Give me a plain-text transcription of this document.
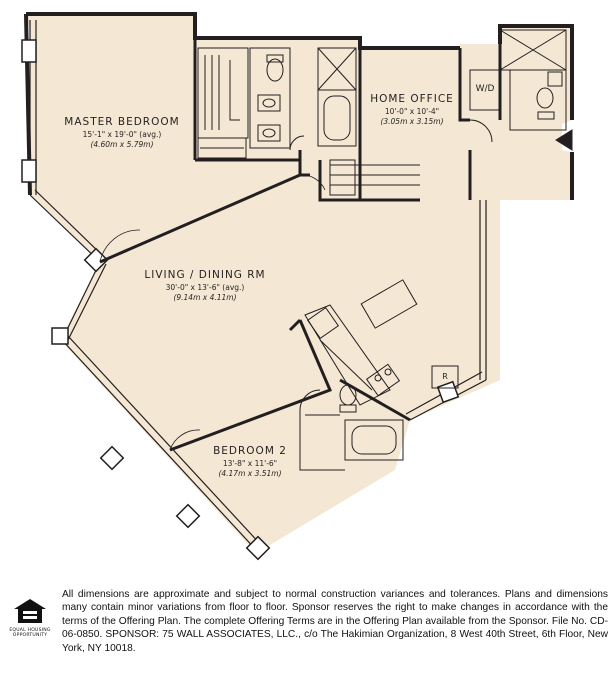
MASTER BEDROOM
15'-1" x 19'-0" (avg.)
(4.60m x 5.79m)
HOME OFFICE
10'-0" x 10'-4"
(3.05m x 3.15m)
LIVING / DINING RM
30'-0" x 13'-6" (avg.)
(9.14m x 4.11m)
BEDROOM 2
13'-8" x 11'-6"
(4.17m x 3.51m)
W/D
R
EQUAL HOUSING
OPPORTUNITY
All dimensions are approximate and subject to normal construction variances and tolerances. Plans and dimensions many contain minor variations from floor to floor. Sponsor reserves the right to make changes in accordance with the terms of the Offering Plan. The complete Offering Terms are in the Offering Plan available from the Sponsor. File No. CD-06-0850. SPONSOR: 75 WALL ASSOCIATES, LLC., c/o The Hakimian Organization, 8 West 40th Street, 6th Floor, New York, NY 10018.
